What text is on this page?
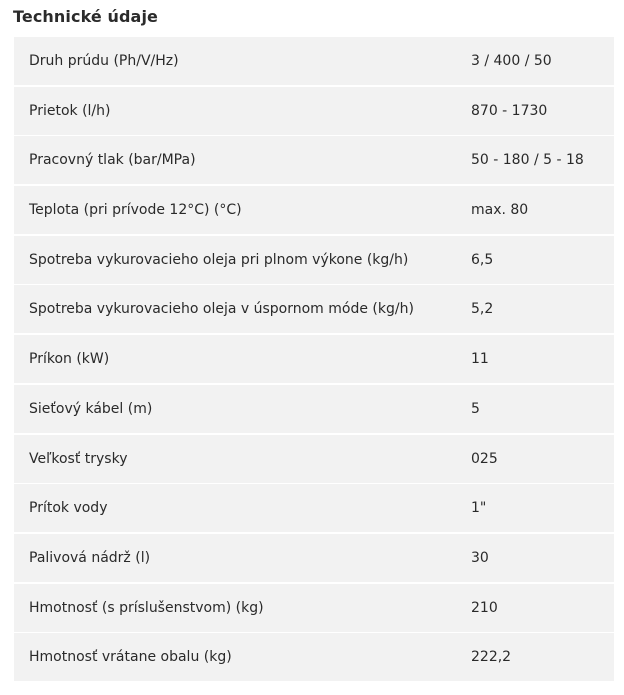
Technické údaje
Druh prúdu (Ph/V/Hz)	3 / 400 / 50
Prietok (l/h)	870 - 1730
Pracovný tlak (bar/MPa)	50 - 180 / 5 - 18
Teplota (pri prívode 12°C) (°C)	max. 80
Spotreba vykurovacieho oleja pri plnom výkone (kg/h)	6,5
Spotreba vykurovacieho oleja v úspornom móde (kg/h)	5,2
Príkon (kW)	11
Sieťový kábel (m)	5
Veľkosť trysky	025
Prítok vody	1"
Palivová nádrž (l)	30
Hmotnosť (s príslušenstvom) (kg)	210
Hmotnosť vrátane obalu (kg)	222,2
